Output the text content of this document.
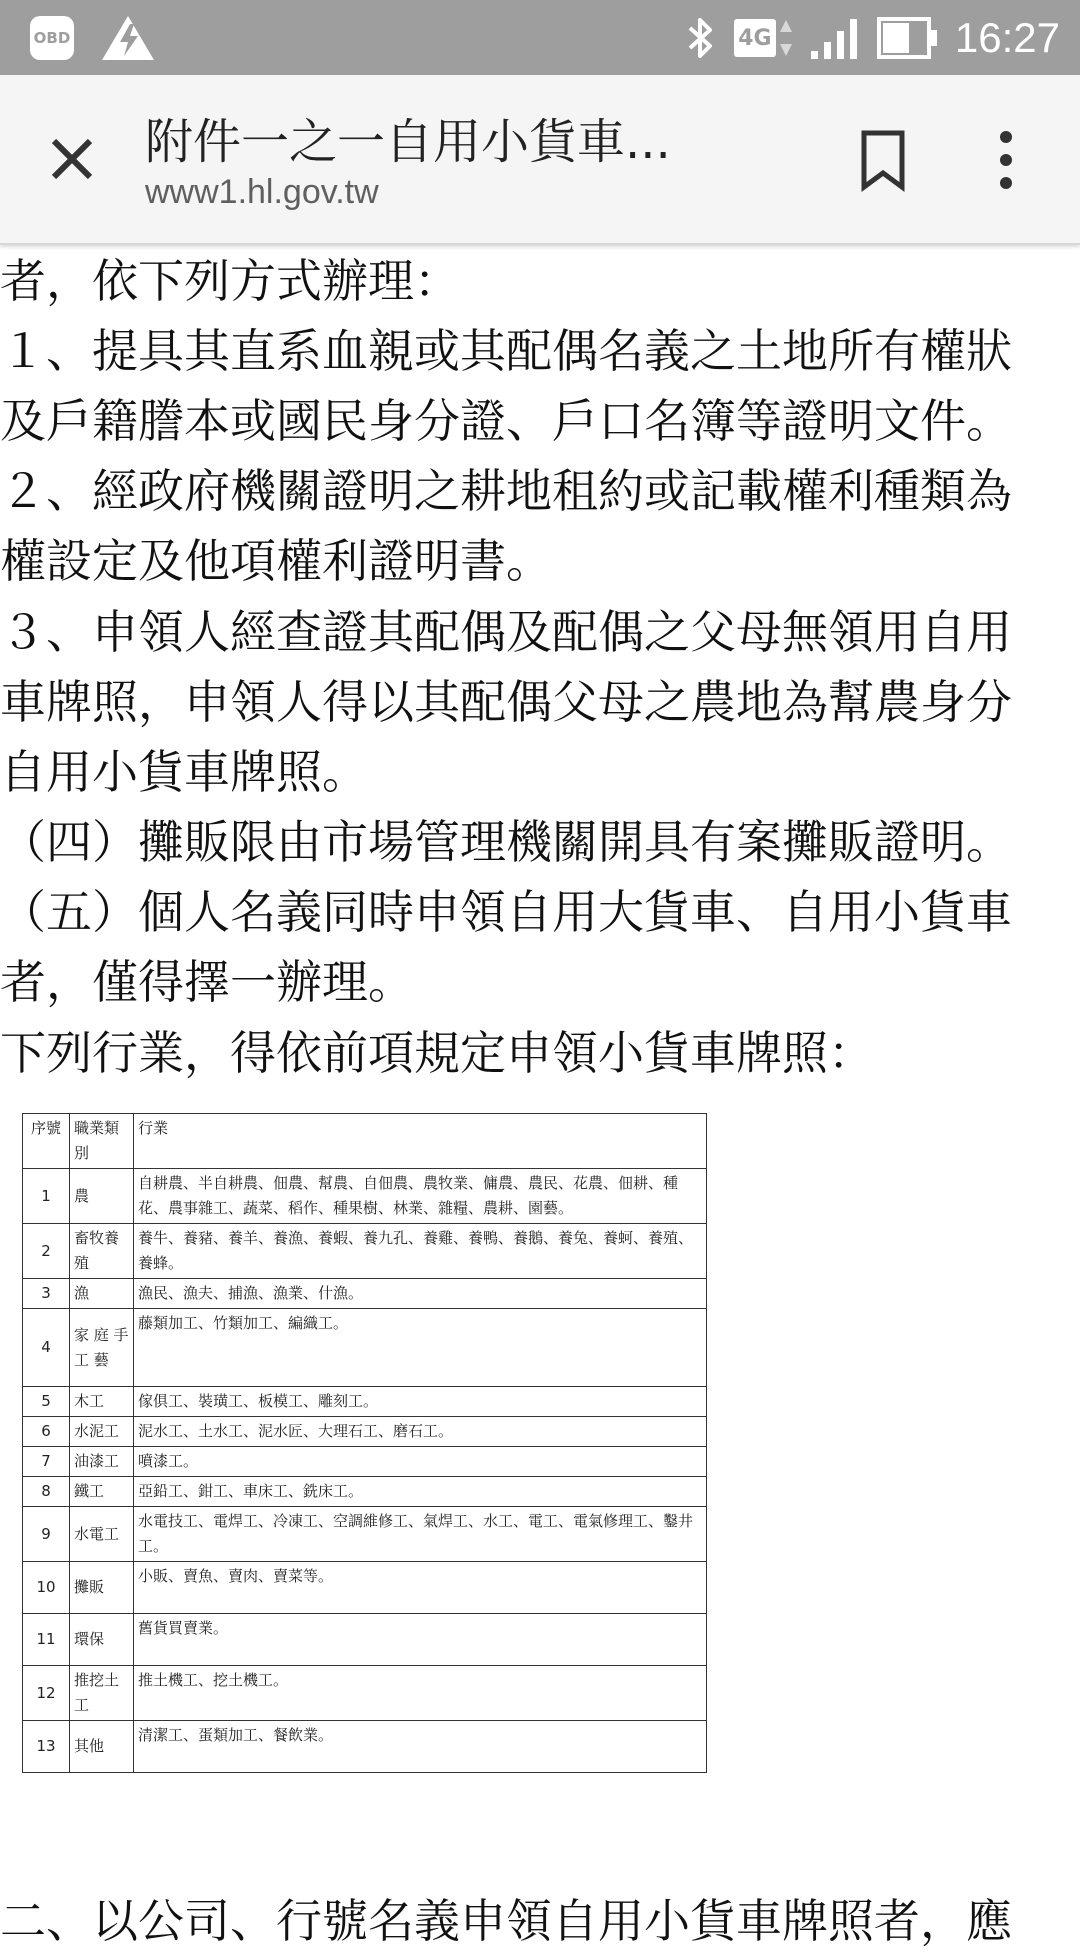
OBD	4G	16:27
附件一之一自用小貨車...
www1.hl.gov.tw
者，依下列方式辦理：
１、提具其直系血親或其配偶名義之土地所有權狀
及戶籍謄本或國民身分證、戶口名簿等證明文件。
２、經政府機關證明之耕地租約或記載權利種類為
權設定及他項權利證明書。
３、申領人經查證其配偶及配偶之父母無領用自用
車牌照，申領人得以其配偶父母之農地為幫農身分
自用小貨車牌照。
（四）攤販限由市場管理機關開具有案攤販證明。
（五）個人名義同時申領自用大貨車、自用小貨車
者，僅得擇一辦理。
下列行業，得依前項規定申領小貨車牌照：
序號	職業類別	行業
1	農	自耕農、半自耕農、佃農、幫農、自佃農、農牧業、傭農、農民、花農、佃耕、種花、農事雜工、蔬菜、稻作、種果樹、林業、雜糧、農耕、園藝。
2	畜牧養殖	養牛、養豬、養羊、養漁、養蝦、養九孔、養雞、養鴨、養鵝、養兔、養蚵、養殖、養蜂。
3	漁	漁民、漁夫、捕漁、漁業、什漁。
4	家 庭 手 工 藝	藤類加工、竹類加工、編織工。
5	木工	傢俱工、裝璜工、板模工、雕刻工。
6	水泥工	泥水工、土水工、泥水匠、大理石工、磨石工。
7	油漆工	噴漆工。
8	鐵工	亞鉛工、鉗工、車床工、銑床工。
9	水電工	水電技工、電焊工、冷凍工、空調維修工、氣焊工、水工、電工、電氣修理工、鑿井工。
10	攤販	小販、賣魚、賣肉、賣菜等。
11	環保	舊貨買賣業。
12	推挖土工	推土機工、挖土機工。
13	其他	清潔工、蛋類加工、餐飲業。
二、以公司、行號名義申領自用小貨車牌照者，應
